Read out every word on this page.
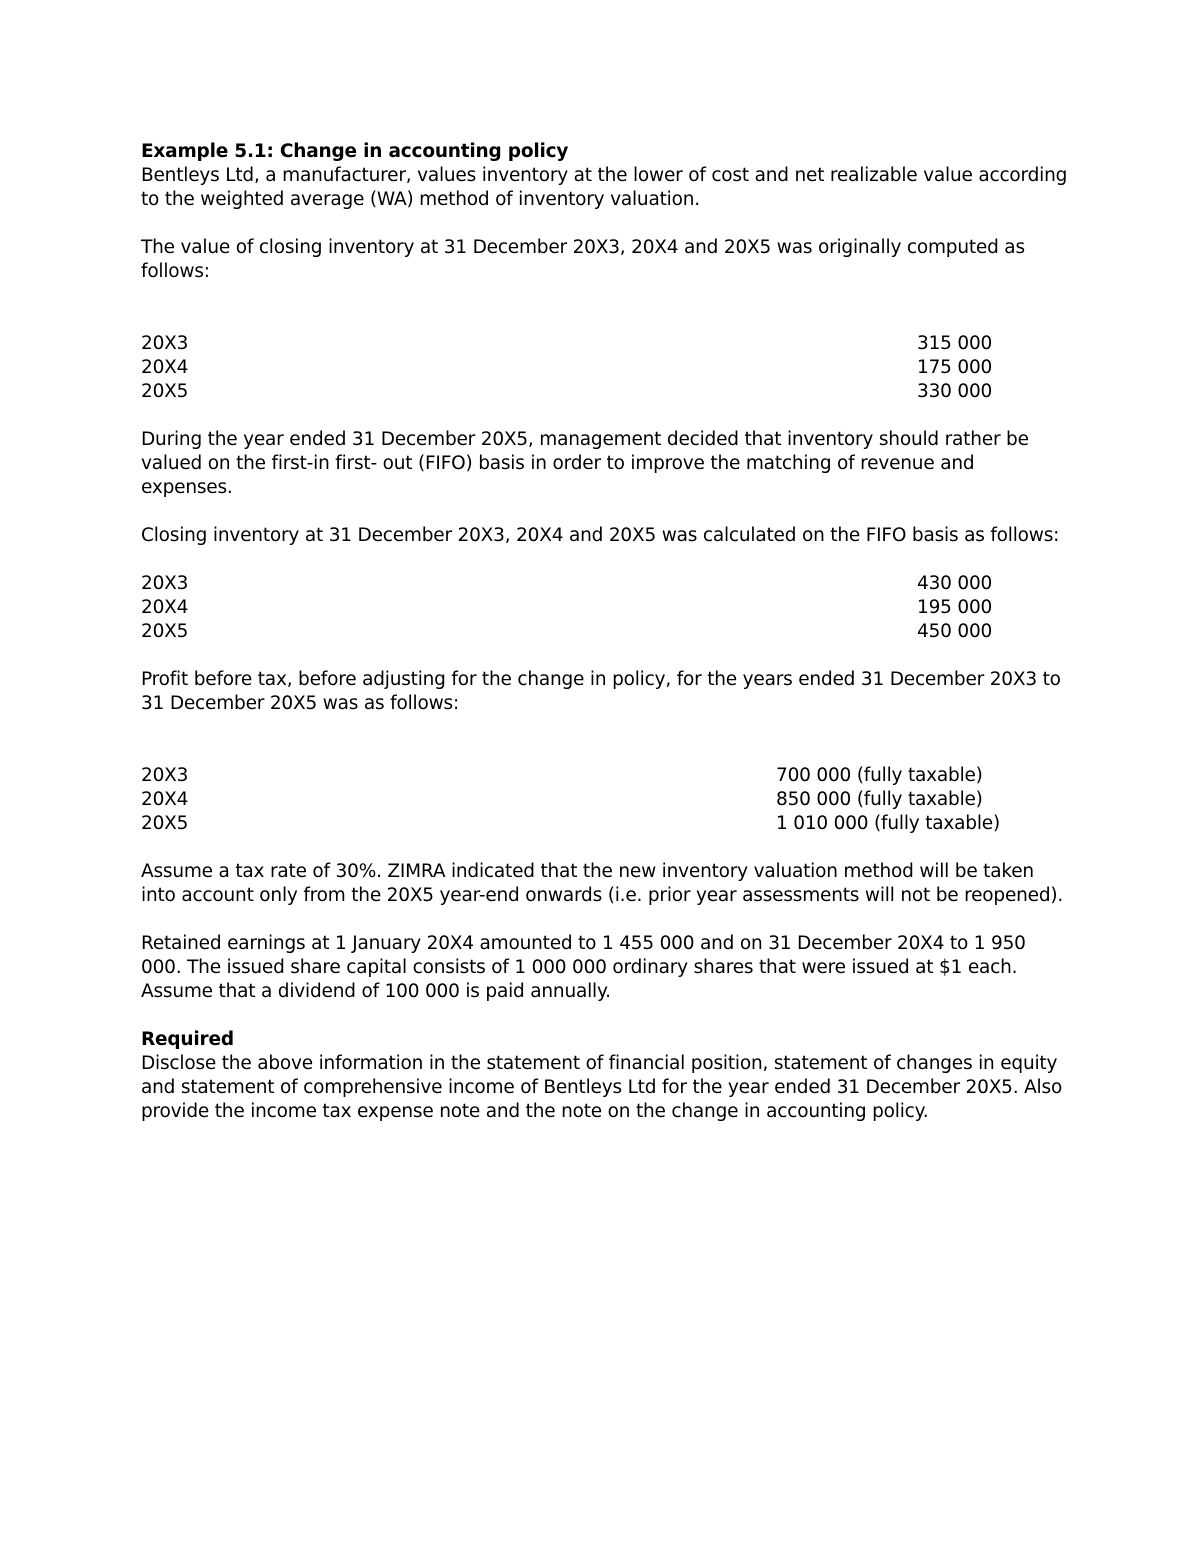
Example 5.1: Change in accounting policy

Bentleys Ltd, a manufacturer, values inventory at the lower of cost and net realizable value according to the weighted average (WA) method of inventory valuation.

The value of closing inventory at 31 December 20X3, 20X4 and 20X5 was originally computed as follows:

20X3	315 000
20X4	175 000
20X5	330 000

During the year ended 31 December 20X5, management decided that inventory should rather be valued on the first-in first- out (FIFO) basis in order to improve the matching of revenue and expenses.

Closing inventory at 31 December 20X3, 20X4 and 20X5 was calculated on the FIFO basis as follows:

20X3	430 000
20X4	195 000
20X5	450 000

Profit before tax, before adjusting for the change in policy, for the years ended 31 December 20X3 to 31 December 20X5 was as follows:

20X3	700 000 (fully taxable)
20X4	850 000 (fully taxable)
20X5	1 010 000 (fully taxable)

Assume a tax rate of 30%. ZIMRA indicated that the new inventory valuation method will be taken into account only from the 20X5 year-end onwards (i.e. prior year assessments will not be reopened).

Retained earnings at 1 January 20X4 amounted to 1 455 000 and on 31 December 20X4 to 1 950 000. The issued share capital consists of 1 000 000 ordinary shares that were issued at $1 each. Assume that a dividend of 100 000 is paid annually.

Required

Disclose the above information in the statement of financial position, statement of changes in equity and statement of comprehensive income of Bentleys Ltd for the year ended 31 December 20X5. Also provide the income tax expense note and the note on the change in accounting policy.
